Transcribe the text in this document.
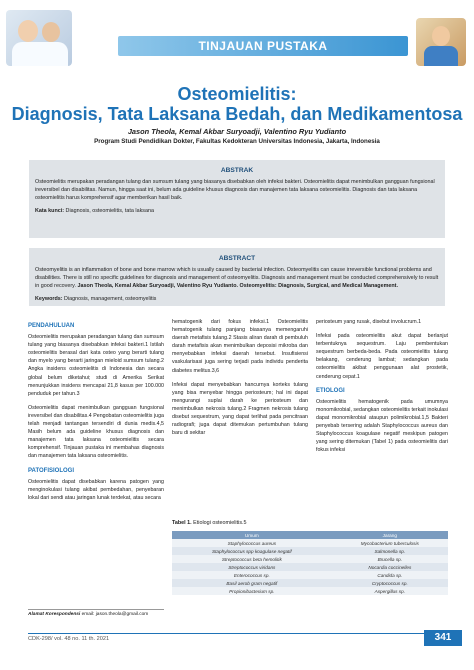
TINJAUAN PUSTAKA
Osteomielitis:
Diagnosis, Tata Laksana Bedah, dan Medikamentosa
Jason Theola, Kemal Akbar Suryoadji, Valentino Ryu Yudianto
Program Studi Pendidikan Dokter, Fakultas Kedokteran Universitas Indonesia, Jakarta, Indonesia
ABSTRAK
Osteomielitis merupakan peradangan tulang dan sumsum tulang yang biasanya disebabkan oleh infeksi bakteri. Osteomielitis dapat menimbulkan gangguan fungsional ireversibel dan disabilitas. Namun, hingga saat ini, belum ada guideline khusus diagnosis dan manajemen tata laksana osteomielitis. Diagnosis dan tata laksana osteomielitis harus komprehensif agar memberikan hasil baik.
Kata kunci: Diagnosis, osteomielitis, tata laksana
ABSTRACT
Osteomyelitis is an inflammation of bone and bone marrow which is usually caused by bacterial infection. Osteomyelitis can cause irreversible functional problems and disabilities. There is still no specific guidelines for diagnosis and management of osteomyelitis. Diagnosis and management must be conducted comprehensively to result in good recovery. Jason Theola, Kemal Akbar Suryoadji, Valentino Ryu Yudianto. Osteomyelitis: Diagnosis, Surgical, and Medical Management.
Keywords: Diagnosis, management, osteomyelitis
PENDAHULUAN

Osteomielitis merupakan peradangan tulang dan sumsum tulang yang biasanya disebabkan infeksi bakteri.1 Istilah osteomielitis berasal dari kata osteo yang berarti tulang dan myelo yang berarti jaringan mieloid sumsum tulang.2 Angka insidens osteomielitis di Indonesia dan secara global belum diketahui; studi di Amerika Serikat menunjukkan insidens mencapai 21,8 kasus per 100.000 penduduk per tahun.3

Osteomielitis dapat menimbulkan gangguan fungsional ireversibel dan disabilitas.4 Pengobatan osteomielitis juga telah menjadi tantangan tersendiri di dunia medis.4,5 Masih belum ada guideline khusus diagnosis dan manajemen tata laksana osteomielitis secara komprehensif. Tinjauan pustaka ini membahas diagnosis dan manajemen tata laksana osteomielitis.

PATOFISIOLOGI

Osteomielitis dapat disebabkan karena patogen yang menginokulasi tulang akibat pembedahan, penyebaran lokal dari sendi atau jaringan lunak terdekat, atau secara

hematogenik dari fokus infeksi.1 Osteomielitis hematogenik tulang panjang biasanya memengaruhi daerah metafisis tulang.2 Stasis aliran darah di pembuluh darah metafisis akan menimbulkan deposisi mikroba dan menyebabkan infeksi daerah tersebut. Insufisiensi vaskularisasi juga sering terjadi pada individu penderita diabetes melitus.3,6

Infeksi dapat menyebabkan hancurnya korteks tulang yang bisa menyebar hingga periosteum; hal ini dapat mengurangi suplai darah ke periosteum dan menimbulkan nekrosis tulang.2 Fragmen nekrosis tulang disebut sequestrum, yang dapat terlihat pada pencitraan radiografi; juga dapat ditemukan pertumbuhan tulang baru di sekitar

periosteum yang rusak, disebut involucrum.1

Infeksi pada osteomielitis akut dapat berlanjut terbentuknya sequestrum. Laju pembentukan sequestrum berbeda-beda. Pada osteomielitis tulang belakang, cenderung lambat; sedangkan pada osteomielitis akibat penggunaan alat prostetik, cenderung cepat.1

ETIOLOGI

Osteomielitis hematogenik pada umumnya monomikrobial, sedangkan osteomielitis terkait inokulasi dapat monomikrobial ataupun polimikrobial.1,5 Bakteri penyebab tersering adalah Staphylococcus aureus dan Staphylococcus koagulase negatif meskipun patogen yang sering ditemukan (Tabel 1) pada osteomielitis dari fokus infeksi

Tabel 1. Etiologi osteomielitis.5
Umum	Jarang
Staphylococcus aureus	Mycobacterium tuberculosis
Staphylococcus spp koagulase negatif	Salmonella sp.
Streptococcus beta hemolitik	Brucella sp.
Streptococcus viridans	Nocardia coccinelles
Enterococcus sp.	Candida sp.
Basil aerob gram negatif	Cryptococcus sp.
Propionibacterium sp.	Aspergillus sp.
Alamat Korespondensi email: jason.theola@gmail.com
CDK-298/ vol. 48 no. 11 th. 2021	341
